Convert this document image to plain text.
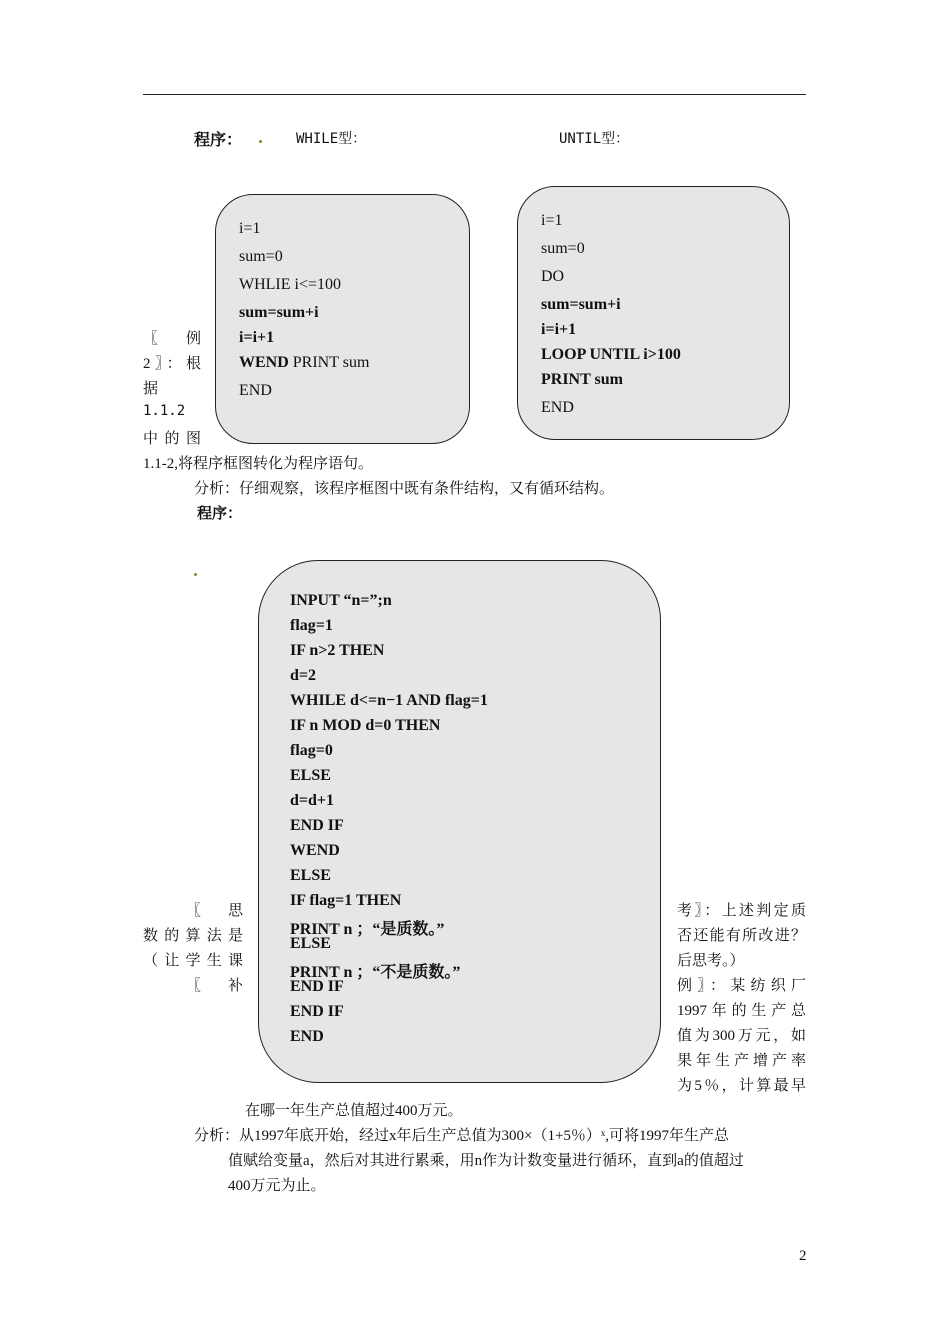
程序：	WHILE型：	UNTIL型：
i=1
sum=0
WHLIE i<=100
sum=sum+i
i=i+1
WEND PRINT sum
END
i=1
sum=0
DO
sum=sum+i
i=i+1
LOOP UNTIL i>100
PRINT sum
END
〖 例
2〗：根
据
1.1.2
中 的 图
1.1-2,将程序框图转化为程序语句。
分析：仔细观察，该程序框图中既有条件结构，又有循环结构。
程序：
INPUT “n=”;n
flag=1
IF n>2 THEN
d=2
WHILE d<=n−1 AND flag=1
IF n MOD d=0 THEN
flag=0
ELSE
d=d+1
END IF
WEND
ELSE
IF flag=1 THEN
PRINT n ；“是质数。”
ELSE
PRINT n ；“不是质数。”
END IF
END IF
END
〖 思
数的算法是
（让学生课
〖 补
考〗：上述判定质
否还能有所改进？
后思考。）
例〗：某纺织厂
1997年的生产总
值为300万元，如
果年生产增产率
为5％，计算最早
在哪一年生产总值超过400万元。
分析：从1997年底开始，经过x年后生产总值为300×（1+5％）ˣ,可将1997年生产总
值赋给变量a，然后对其进行累乘，用n作为计数变量进行循环，直到a的值超过
400万元为止。
2
